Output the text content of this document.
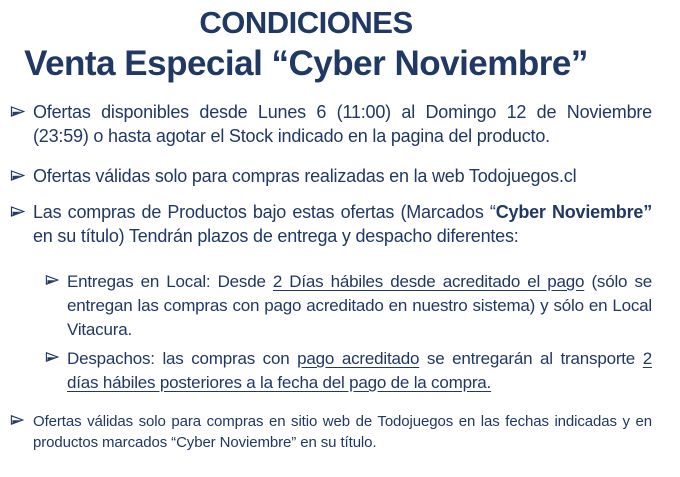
CONDICIONES
Venta Especial “Cyber Noviembre”

Ofertas disponibles desde Lunes 6 (11:00) al Domingo 12 de Noviembre (23:59) o hasta agotar el Stock indicado en la pagina del producto.

Ofertas válidas solo para compras realizadas en la web Todojuegos.cl

Las compras de Productos bajo estas ofertas (Marcados “Cyber Noviembre” en su título) Tendrán plazos de entrega y despacho diferentes:

Entregas en Local: Desde 2 Días hábiles desde acreditado el pago (sólo se entregan las compras con pago acreditado en nuestro sistema) y sólo en Local Vitacura.

Despachos: las compras con pago acreditado se entregarán al transporte 2 días hábiles posteriores a la fecha del pago de la compra.

Ofertas válidas solo para compras en sitio web de Todojuegos en las fechas indicadas y en productos marcados “Cyber Noviembre” en su título.
